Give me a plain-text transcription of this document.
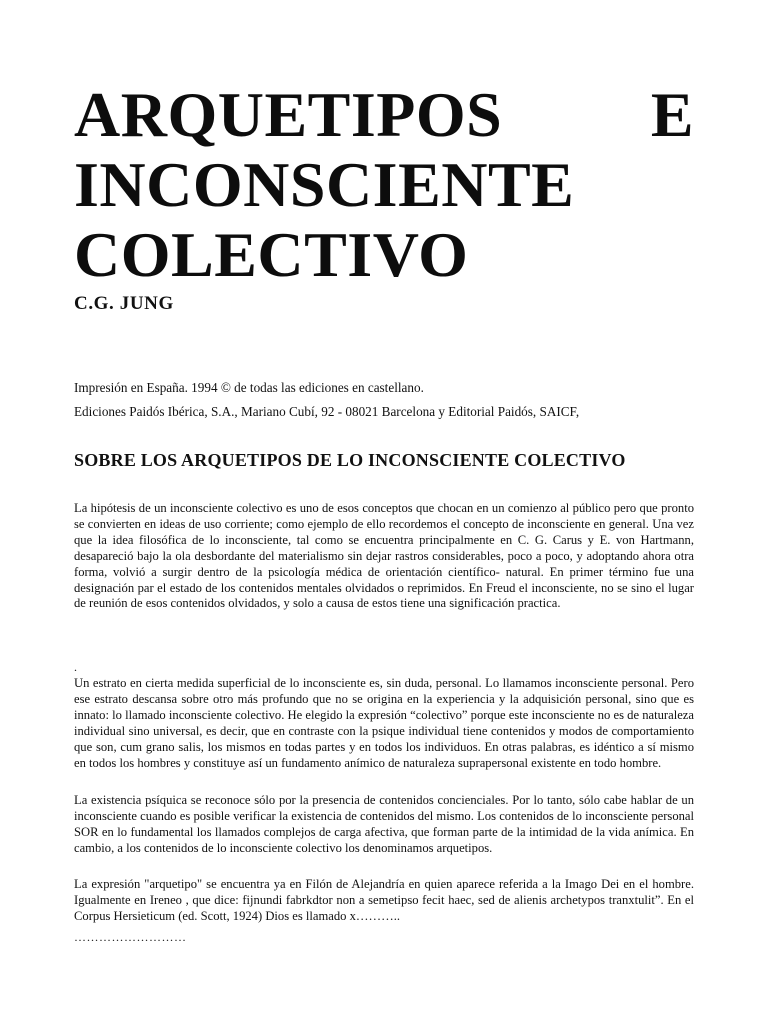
ARQUETIPOS E
INCONSCIENTE
COLECTIVO
C.G. JUNG
Impresión en España. 1994 © de todas las ediciones en castellano.
Ediciones Paidós Ibérica, S.A., Mariano Cubí, 92 - 08021 Barcelona y Editorial Paidós, SAICF,
SOBRE LOS ARQUETIPOS DE LO INCONSCIENTE COLECTIVO

La hipótesis de un inconsciente colectivo es uno de esos conceptos que chocan en un comienzo al público pero que pronto se convierten en ideas de uso corriente; como ejemplo de ello recordemos el concepto de inconsciente en general. Una vez que la idea filosófica de lo inconsciente, tal como se encuentra principalmente en C. G. Carus y E. von Hartmann, desapareció bajo la ola desbordante del materialismo sin dejar rastros considerables, poco a poco, y adoptando ahora otra forma, volvió a surgir dentro de la psicología médica de orientación científico- natural. En primer término fue una designación par el estado de los contenidos mentales olvidados o reprimidos. En Freud el inconsciente, no se sino el lugar de reunión de esos contenidos olvidados, y solo a causa de estos tiene una significación practica.

.

Un estrato en cierta medida superficial de lo inconsciente es, sin duda, personal. Lo llamamos inconsciente personal. Pero ese estrato descansa sobre otro más profundo que no se origina en la experiencia y la adquisición personal, sino que es innato: lo llamado inconsciente colectivo. He elegido la expresión “colectivo” porque este inconsciente no es de naturaleza individual sino universal, es decir, que en contraste con la psique individual tiene contenidos y modos de comportamiento que son, cum grano salis, los mismos en todas partes y en todos los individuos. En otras palabras, es idéntico a sí mismo en todos los hombres y constituye así un fundamento anímico de naturaleza suprapersonal existente en todo hombre.

La existencia psíquica se reconoce sólo por la presencia de contenidos concienciales. Por lo tanto, sólo cabe hablar de un inconsciente cuando es posible verificar la existencia de contenidos del mismo. Los contenidos de lo inconsciente personal SOR en lo fundamental los llamados complejos de carga afectiva, que forman parte de la intimidad de la vida anímica. En cambio, a los contenidos de lo inconsciente colectivo los denominamos arquetipos.

La expresión "arquetipo" se encuentra ya en Filón de Alejandría en quien aparece referida a la Imago Dei en el hombre. Igualmente en Ireneo , que dice: fijnundi fabrkdtor non a semetipso fecit haec, sed de alienis archetypos tranxtulit”. En el Corpus Hersieticum (ed. Scott, 1924) Dios es llamado x………..

………………………
